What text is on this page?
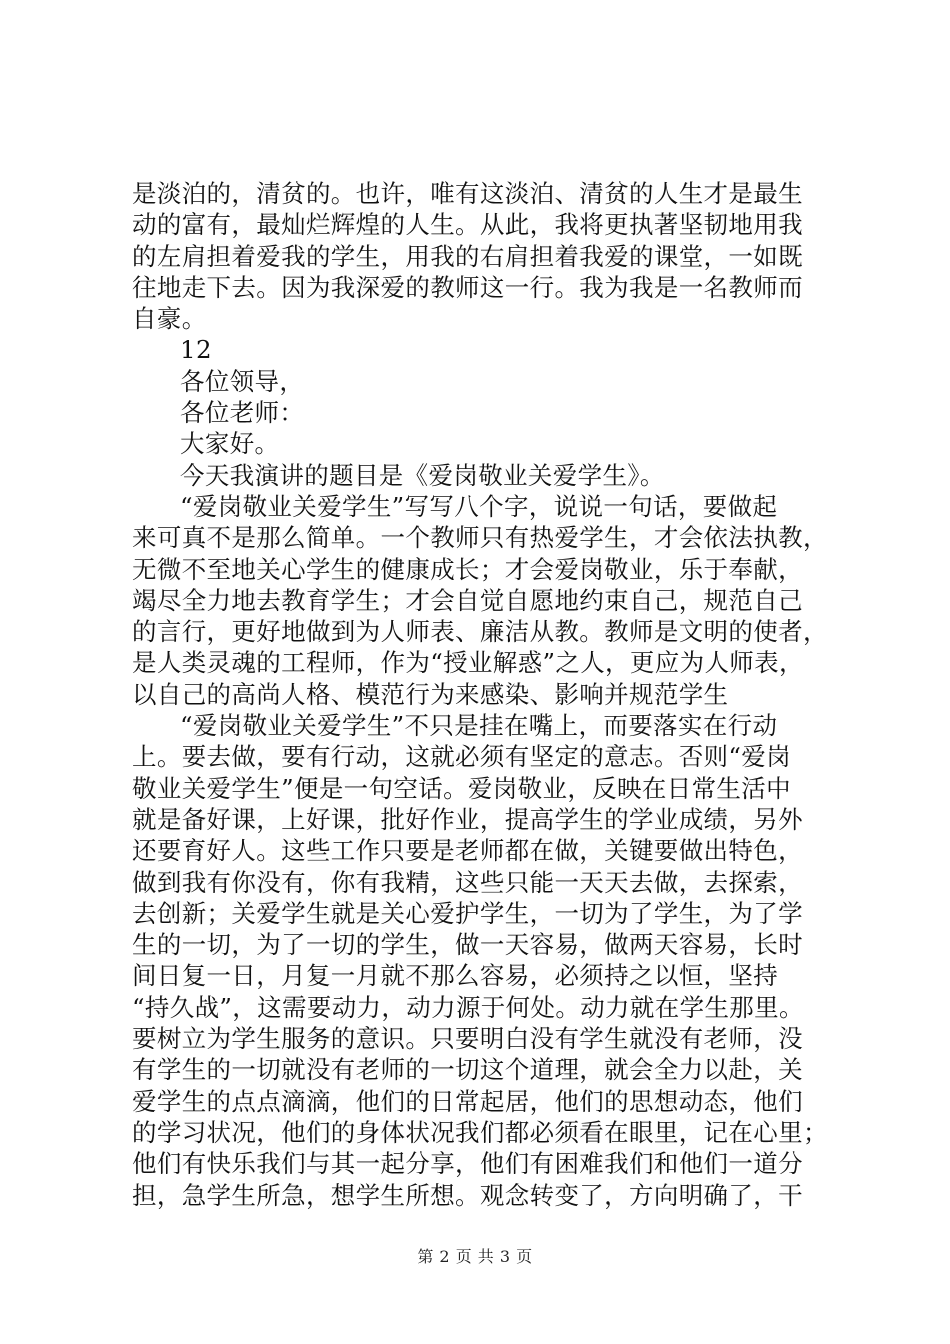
是淡泊的，清贫的。也许，唯有这淡泊、清贫的人生才是最生
动的富有，最灿烂辉煌的人生。从此，我将更执著坚韧地用我
的左肩担着爱我的学生，用我的右肩担着我爱的课堂，一如既
往地走下去。因为我深爱的教师这一行。我为我是一名教师而
自豪。
12
各位领导，
各位老师：
大家好。
今天我演讲的题目是《爱岗敬业关爱学生》。
“爱岗敬业关爱学生”写写八个字，说说一句话，要做起
来可真不是那么简单。一个教师只有热爱学生，才会依法执教，
无微不至地关心学生的健康成长；才会爱岗敬业，乐于奉献，
竭尽全力地去教育学生；才会自觉自愿地约束自己，规范自己
的言行，更好地做到为人师表、廉洁从教。教师是文明的使者，
是人类灵魂的工程师，作为“授业解惑”之人，更应为人师表，
以自己的高尚人格、模范行为来感染、影响并规范学生
“爱岗敬业关爱学生”不只是挂在嘴上，而要落实在行动
上。要去做，要有行动，这就必须有坚定的意志。否则“爱岗
敬业关爱学生”便是一句空话。爱岗敬业，反映在日常生活中
就是备好课，上好课，批好作业，提高学生的学业成绩，另外
还要育好人。这些工作只要是老师都在做，关键要做出特色，
做到我有你没有，你有我精，这些只能一天天去做，去探索，
去创新；关爱学生就是关心爱护学生，一切为了学生，为了学
生的一切，为了一切的学生，做一天容易，做两天容易，长时
间日复一日，月复一月就不那么容易，必须持之以恒，坚持
“持久战”，这需要动力，动力源于何处。动力就在学生那里。
要树立为学生服务的意识。只要明白没有学生就没有老师，没
有学生的一切就没有老师的一切这个道理，就会全力以赴，关
爱学生的点点滴滴，他们的日常起居，他们的思想动态，他们
的学习状况，他们的身体状况我们都必须看在眼里，记在心里；
他们有快乐我们与其一起分享，他们有困难我们和他们一道分
担，急学生所急，想学生所想。观念转变了，方向明确了，干
第 2 页 共 3 页
